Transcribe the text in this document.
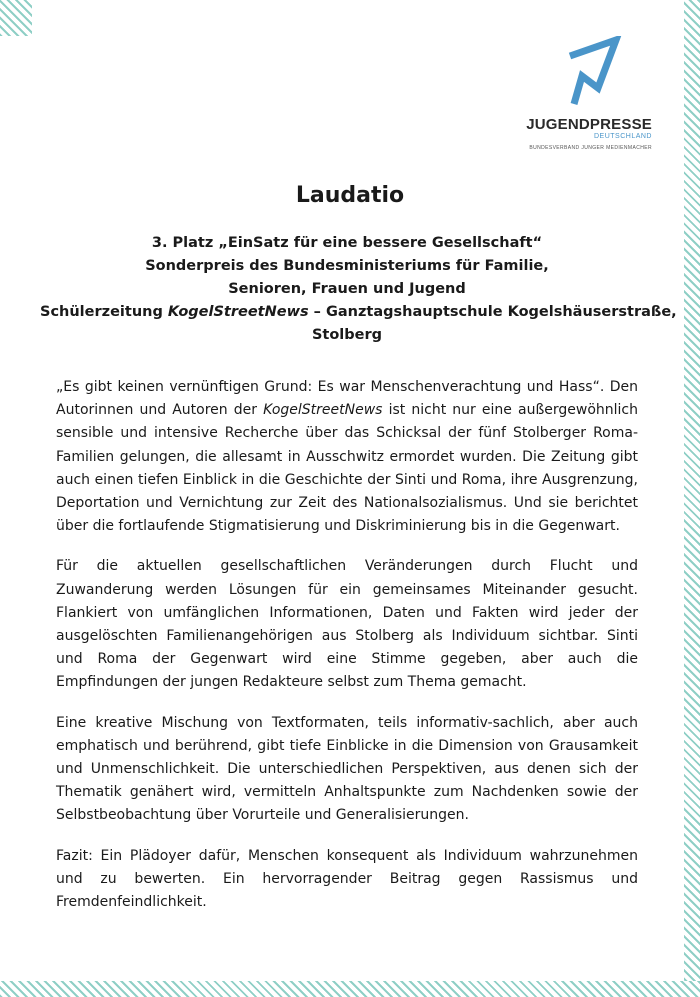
JUGENDPRESSE
DEUTSCHLAND
BUNDESVERBAND JUNGER MEDIENMACHER
Laudatio
3. Platz „EinSatz für eine bessere Gesellschaft“
Sonderpreis des Bundesministeriums für Familie,
Senioren, Frauen und Jugend
Schülerzeitung KogelStreetNews – Ganztagshauptschule Kogelshäuserstraße,
Stolberg

„Es gibt keinen vernünftigen Grund: Es war Menschenverachtung und Hass“. Den Autorinnen und Autoren der KogelStreetNews ist nicht nur eine außergewöhnlich sensible und intensive Recherche über das Schicksal der fünf Stolberger Roma-Familien gelungen, die allesamt in Ausschwitz ermordet wurden. Die Zeitung gibt auch einen tiefen Einblick in die Geschichte der Sinti und Roma, ihre Ausgrenzung, Deportation und Vernichtung zur Zeit des Nationalsozialismus. Und sie berichtet über die fortlaufende Stigmatisierung und Diskriminierung bis in die Gegenwart.

Für die aktuellen gesellschaftlichen Veränderungen durch Flucht und Zuwanderung werden Lösungen für ein gemeinsames Miteinander gesucht. Flankiert von umfänglichen Informationen, Daten und Fakten wird jeder der ausgelöschten Familienangehörigen aus Stolberg als Individuum sichtbar. Sinti und Roma der Gegenwart wird eine Stimme gegeben, aber auch die Empfindungen der jungen Redakteure selbst zum Thema gemacht.

Eine kreative Mischung von Textformaten, teils informativ-sachlich, aber auch emphatisch und berührend, gibt tiefe Einblicke in die Dimension von Grausamkeit und Unmenschlichkeit. Die unterschiedlichen Perspektiven, aus denen sich der Thematik genähert wird, vermitteln Anhaltspunkte zum Nachdenken sowie der Selbstbeobachtung über Vorurteile und Generalisierungen.

Fazit: Ein Plädoyer dafür, Menschen konsequent als Individuum wahrzunehmen und zu bewerten. Ein hervorragender Beitrag gegen Rassismus und Fremdenfeindlichkeit.
